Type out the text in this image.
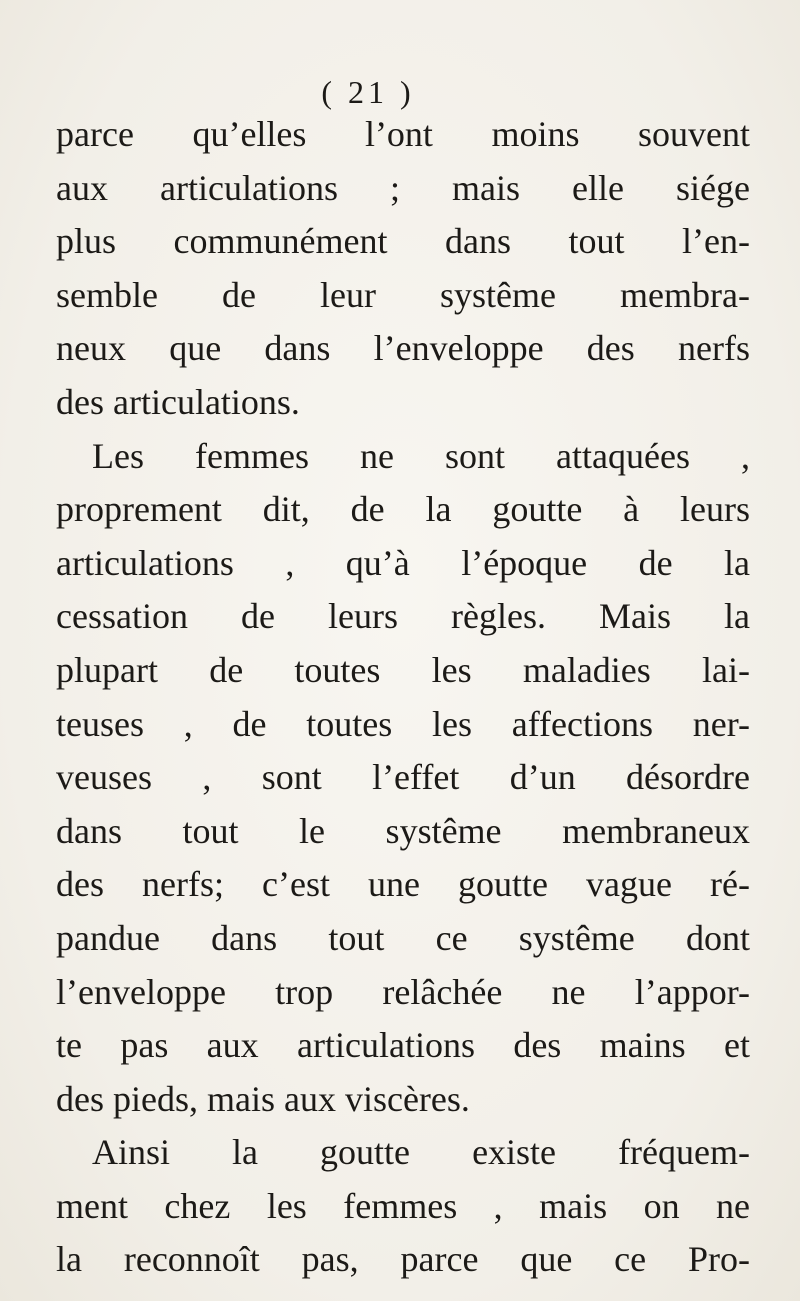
( 21 )
parce qu’elles l’ont moins souvent
aux articulations ; mais elle siége
plus communément dans tout l’en-
semble de leur systême membra-
neux que dans l’enveloppe des nerfs
des articulations.
Les femmes ne sont attaquées ,
proprement dit, de la goutte à leurs
articulations , qu’à l’époque de la
cessation de leurs règles. Mais la
plupart de toutes les maladies lai-
teuses , de toutes les affections ner-
veuses , sont l’effet d’un désordre
dans tout le systême membraneux
des nerfs; c’est une goutte vague ré-
pandue dans tout ce systême dont
l’enveloppe trop relâchée ne l’appor-
te pas aux articulations des mains et
des pieds, mais aux viscères.
Ainsi la goutte existe fréquem-
ment chez les femmes , mais on ne
la reconnoît pas, parce que ce Pro-
